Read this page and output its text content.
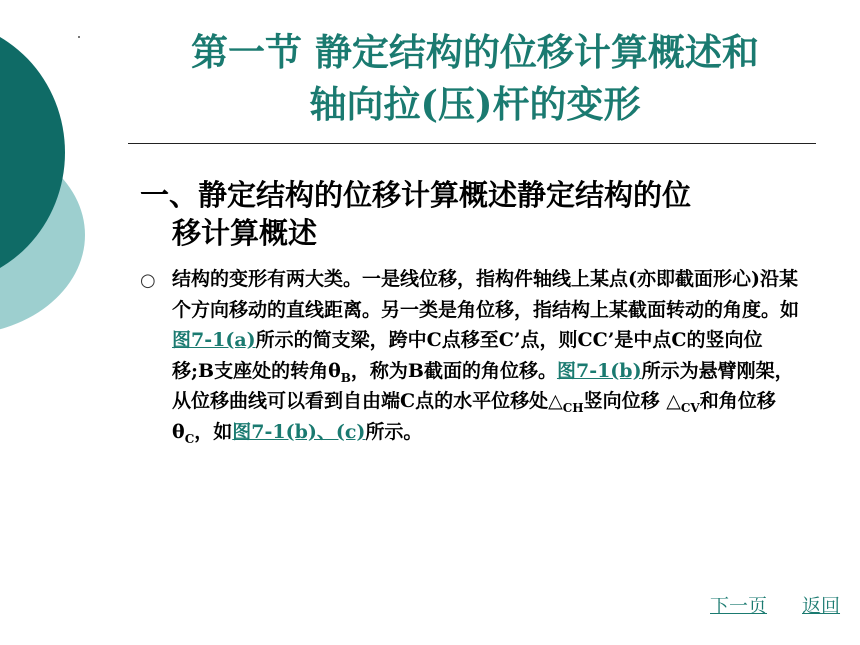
第一节 静定结构的位移计算概述和
轴向拉(压)杆的变形
一、静定结构的位移计算概述静定结构的位
移计算概述
○ 结构的变形有两大类。一是线位移，指构件轴线上某点(亦即截面形心)沿某个方向移动的直线距离。另一类是角位移，指结构上某截面转动的角度。如图7-1(a)所示的简支梁，跨中C点移至C’点，则CC’是中点C的竖向位移;B支座处的转角$\theta_B$，称为B截面的角位移。图7-1(b)所示为悬臂刚架，从位移曲线可以看到自由端C点的水平位移处$\triangle_{CH}$竖向位移 $\triangle_{CV}$和角位移$\theta_C$，如图7-1(b)、(c)所示。
下一页 返回
